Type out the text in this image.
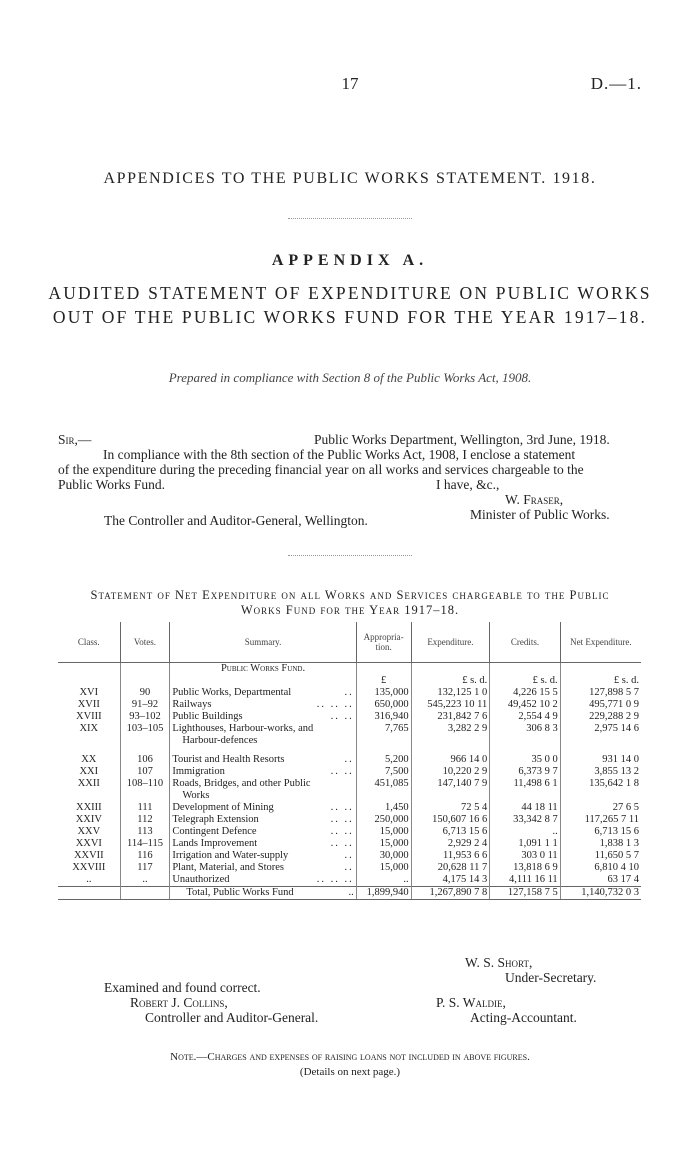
17	D.—1.
APPENDICES TO THE PUBLIC WORKS STATEMENT. 1918.
APPENDIX A.
AUDITED STATEMENT OF EXPENDITURE ON PUBLIC WORKS
OUT OF THE PUBLIC WORKS FUND FOR THE YEAR 1917–18.
Prepared in compliance with Section 8 of the Public Works Act, 1908.
Sir,—	Public Works Department, Wellington, 3rd June, 1918.
In compliance with the 8th section of the Public Works Act, 1908, I enclose a statement
of the expenditure during the preceding financial year on all works and services chargeable to the
Public Works Fund.	I have, &c.,
W. Fraser,
Minister of Public Works.
The Controller and Auditor-General, Wellington.
Statement of Net Expenditure on all Works and Services chargeable to the Public
Works Fund for the Year 1917–18.
Class.	Votes.	Summary.	Appropria-tion.	Expenditure.	Credits.	Net Expenditure.
		Public Works Fund.				
			£	£ s. d.	£ s. d.	£ s. d.
XVI	90	Public Works, Departmental ..	135,000	132,125 1 0	4,226 15 5	127,898 5 7
XVII	91–92	Railways .. .. ..	650,000	545,223 10 11	49,452 10 2	495,771 0 9
XVIII	93–102	Public Buildings .. ..	316,940	231,842 7 6	2,554 4 9	229,288 2 9
XIX	103–105	Lighthouses, Harbour-works, and
Harbour-defences	7,765	3,282 2 9	306 8 3	2,975 14 6

XX	106	Tourist and Health Resorts ..	5,200	966 14 0	35 0 0	931 14 0
XXI	107	Immigration .. ..	7,500	10,220 2 9	6,373 9 7	3,855 13 2
XXII	108–110	Roads, Bridges, and other Public
Works	451,085	147,140 7 9	11,498 6 1	135,642 1 8
XXIII	111	Development of Mining .. ..	1,450	72 5 4	44 18 11	27 6 5
XXIV	112	Telegraph Extension .. ..	250,000	150,607 16 6	33,342 8 7	117,265 7 11
XXV	113	Contingent Defence .. ..	15,000	6,713 15 6	..	6,713 15 6
XXVI	114–115	Lands Improvement .. ..	15,000	2,929 2 4	1,091 1 1	1,838 1 3
XXVII	116	Irrigation and Water-supply ..	30,000	11,953 6 6	303 0 11	11,650 5 7
XXVIII	117	Plant, Material, and Stores ..	15,000	20,628 11 7	13,818 6 9	6,810 4 10
..	..	Unauthorized .. .. ..	..	4,175 14 3	4,111 16 11	63 17 4
		Total, Public Works Fund ..	1,899,940	1,267,890 7 8	127,158 7 5	1,140,732 0 3
P. S. Waldie,
Acting-Accountant.
Note.—Charges and expenses of raising loans not included in above figures.
(Details on next page.)
W. S. Short,
Under-Secretary.
Examined and found correct.
Robert J. Collins,
Controller and Auditor-General.
